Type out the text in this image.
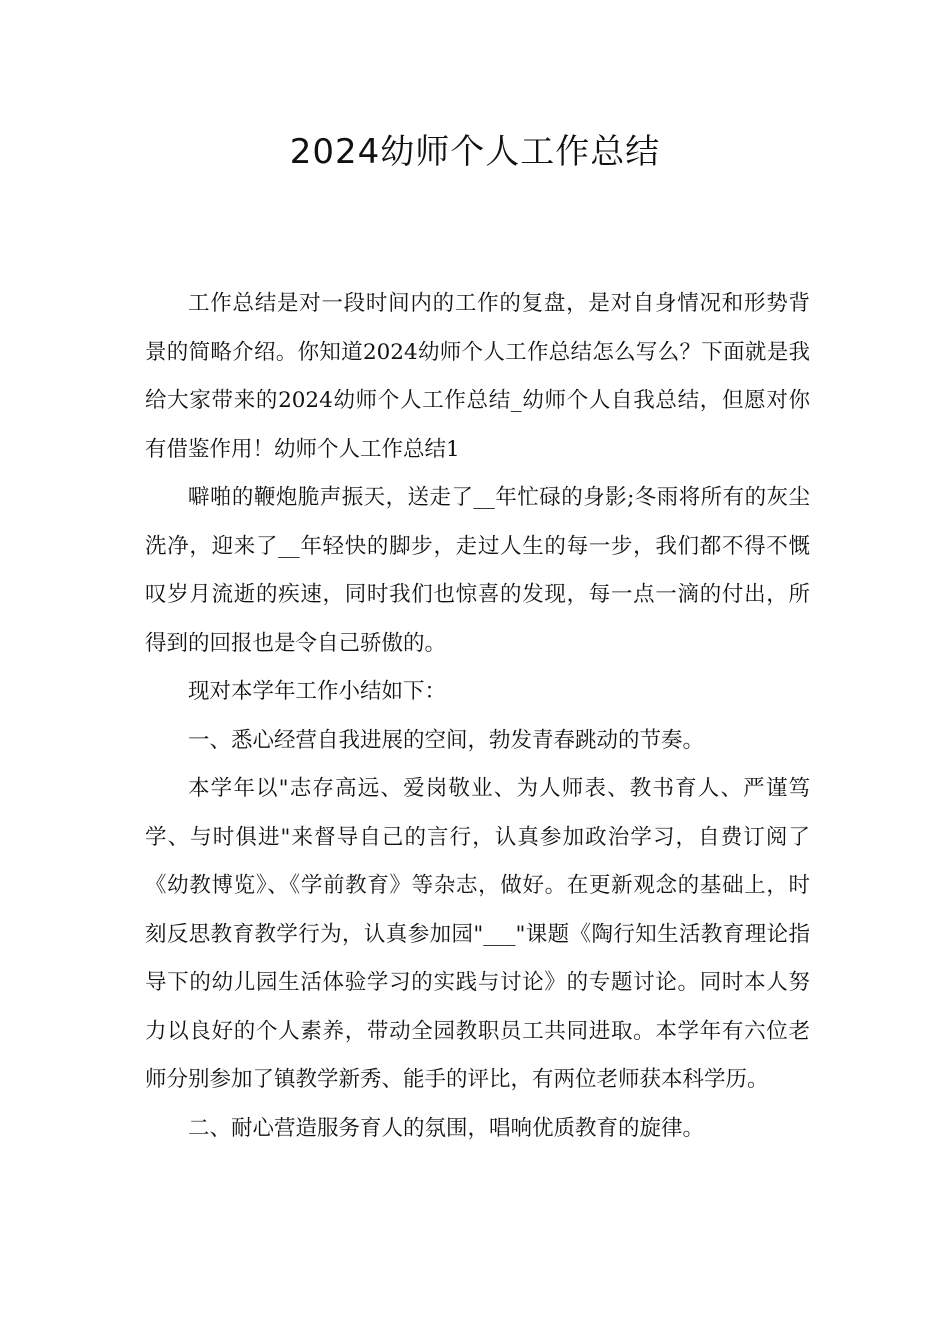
2024幼师个人工作总结

工作总结是对一段时间内的工作的复盘，是对自身情况和形势背景的简略介绍。你知道2024幼师个人工作总结怎么写么？下面就是我给大家带来的2024幼师个人工作总结_幼师个人自我总结，但愿对你有借鉴作用！幼师个人工作总结1

噼啪的鞭炮脆声振天，送走了__年忙碌的身影;冬雨将所有的灰尘洗净，迎来了__年轻快的脚步，走过人生的每一步，我们都不得不慨叹岁月流逝的疾速，同时我们也惊喜的发现，每一点一滴的付出，所得到的回报也是令自己骄傲的。

现对本学年工作小结如下：

一、悉心经营自我进展的空间，勃发青春跳动的节奏。

本学年以"志存高远、爱岗敬业、为人师表、教书育人、严谨笃学、与时俱进"来督导自己的言行，认真参加政治学习，自费订阅了《幼教博览》、《学前教育》等杂志，做好。在更新观念的基础上，时刻反思教育教学行为，认真参加园"___"课题《陶行知生活教育理论指导下的幼儿园生活体验学习的实践与讨论》的专题讨论。同时本人努力以良好的个人素养，带动全园教职员工共同进取。本学年有六位老师分别参加了镇教学新秀、能手的评比，有两位老师获本科学历。

二、耐心营造服务育人的氛围，唱响优质教育的旋律。
